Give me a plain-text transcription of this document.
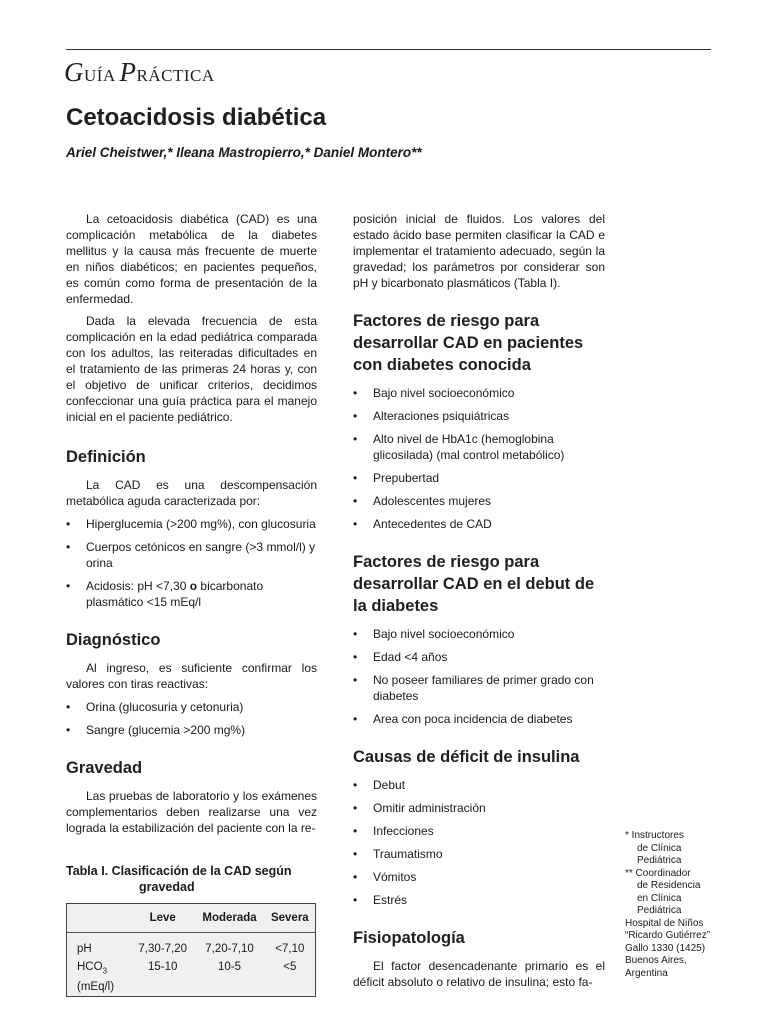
GUÍA PRÁCTICA
Cetoacidosis diabética

Ariel Cheistwer,* Ileana Mastropierro,* Daniel Montero**

La cetoacidosis diabética (CAD) es una complicación metabólica de la diabetes mellitus y la causa más frecuente de muerte en niños diabéticos; en pacientes pequeños, es común como forma de presentación de la enfermedad.

Dada la elevada frecuencia de esta complicación en la edad pediátrica comparada con los adultos, las reiteradas dificultades en el tratamiento de las primeras 24 horas y, con el objetivo de unificar criterios, decidimos confeccionar una guía práctica para el manejo inicial en el paciente pediátrico.

Definición

La CAD es una descompensación metabólica aguda caracterizada por:

• Hiperglucemia (>200 mg%), con glucosuria
• Cuerpos cetónicos en sangre (>3 mmol/l) y orina
• Acidosis: pH <7,30 o bicarbonato plasmático <15 mEq/l
Diagnóstico

Al ingreso, es suficiente confirmar los valores con tiras reactivas:

• Orina (glucosuria y cetonuria)
• Sangre (glucemia >200 mg%)
Gravedad

Las pruebas de laboratorio y los exámenes complementarios deben realizarse una vez lograda la estabilización del paciente con la re-

Tabla I. Clasificación de la CAD según
gravedad
	Leve	Moderada	Severa
pH	7,30-7,20	7,20-7,10	<7,10
$HCO_3$
(mEq/l)	15-10	10-5	<5

posición inicial de fluidos. Los valores del estado ácido base permiten clasificar la CAD e implementar el tratamiento adecuado, según la gravedad; los parámetros por considerar son pH y bicarbonato plasmáticos (Tabla I).

Factores de riesgo para desarrollar CAD en pacientes con diabetes conocida
• Bajo nivel socioeconómico
• Alteraciones psiquiátricas
• Alto nivel de HbA1c (hemoglobina glicosilada) (mal control metabólico)
• Prepubertad
• Adolescentes mujeres
• Antecedentes de CAD
Factores de riesgo para desarrollar CAD en el debut de la diabetes
• Bajo nivel socioeconómico
• Edad <4 años
• No poseer familiares de primer grado con diabetes
• Area con poca incidencia de diabetes
Causas de déficit de insulina
• Debut
• Omitir administración
• Infecciones
• Traumatismo
• Vómitos
• Estrés
Fisiopatología

El factor desencadenante primario es el déficit absoluto o relativo de insulina; esto fa-

* Instructores
de Clínica
Pediátrica
** Coordinador
de Residencia
en Clínica
Pediátrica
Hospital de Niños
“Ricardo Gutiérrez”
Gallo 1330 (1425)
Buenos Aires,
Argentina
